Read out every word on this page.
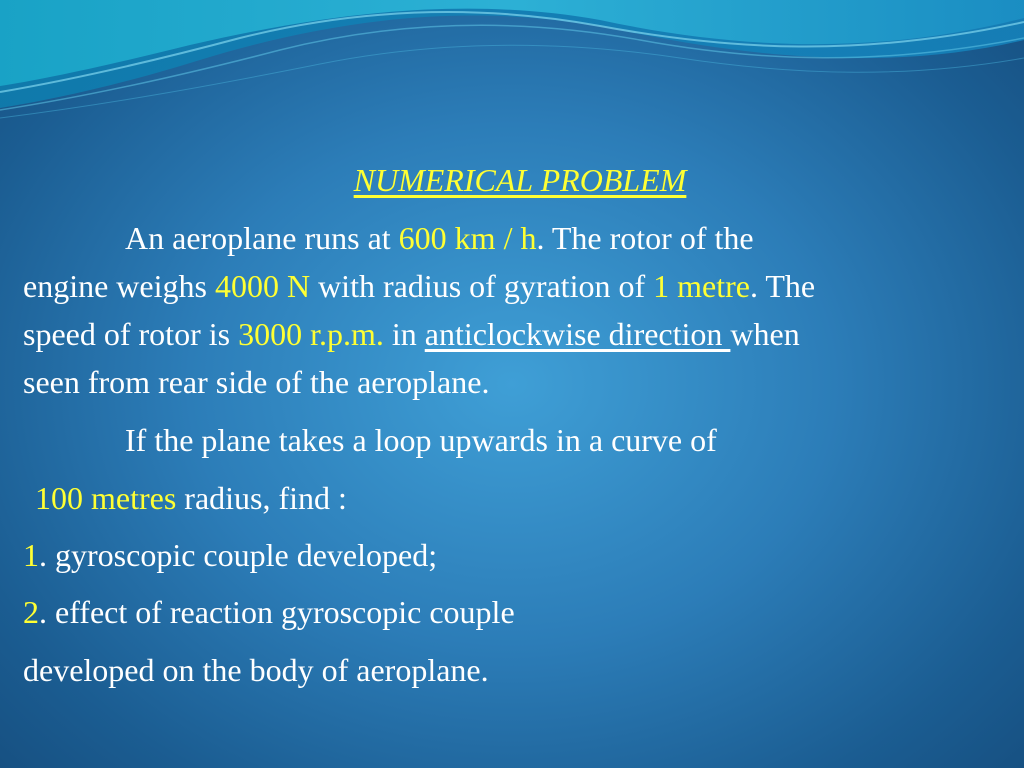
NUMERICAL PROBLEM
An aeroplane runs at 600 km / h. The rotor of the
engine weighs 4000 N with radius of gyration of 1 metre. The
speed of rotor is 3000 r.p.m. in anticlockwise direction when
seen from rear side of the aeroplane.
If the plane takes a loop upwards in a curve of
100 metres radius, find :
1. gyroscopic couple developed;
2. effect of reaction gyroscopic couple
developed on the body of aeroplane.
